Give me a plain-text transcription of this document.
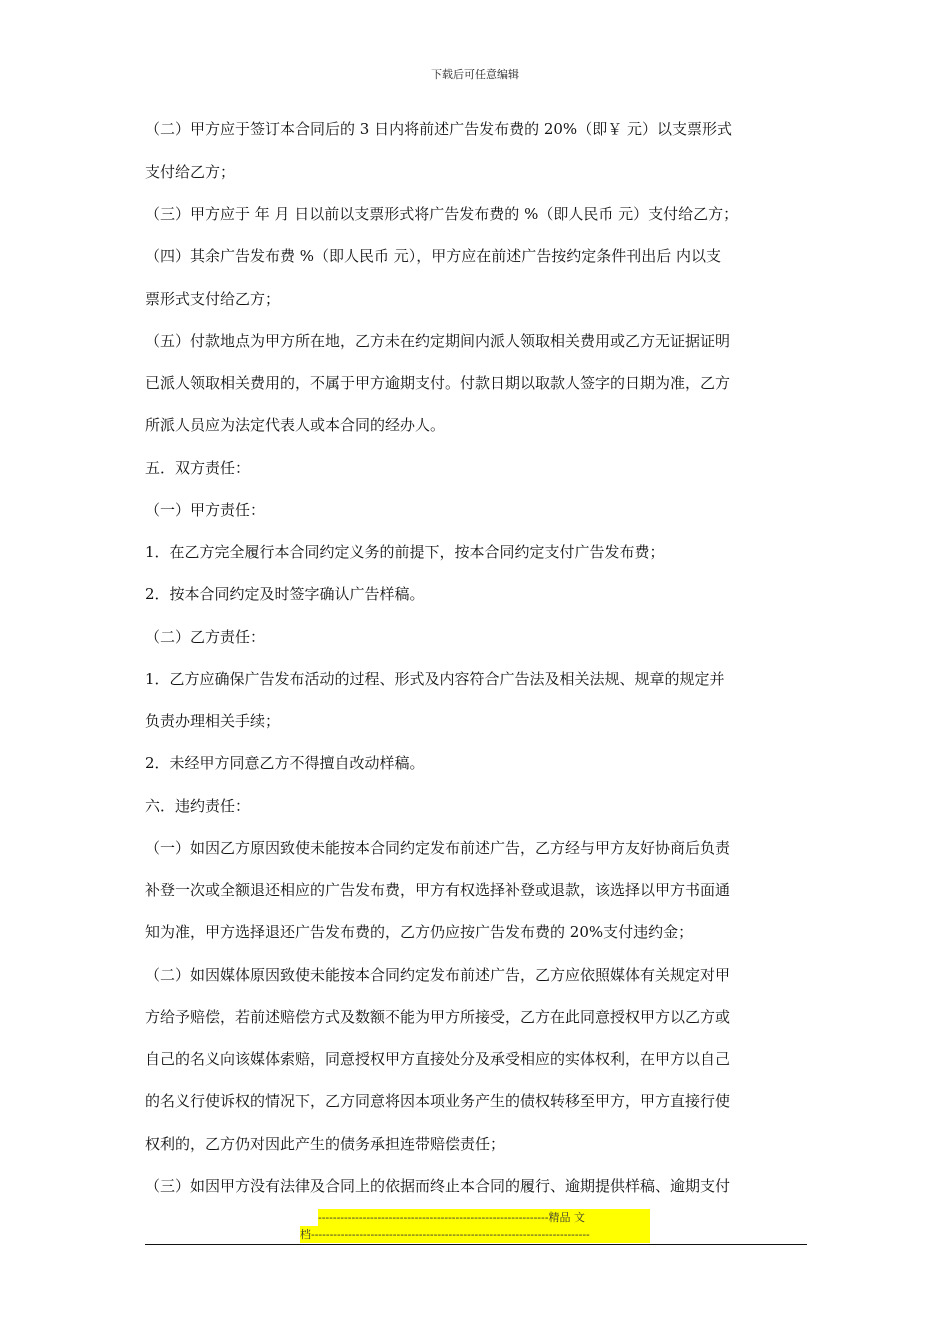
下载后可任意编辑
（二）甲方应于签订本合同后的 3 日内将前述广告发布费的 20%（即￥ 元）以支票形式
支付给乙方；
（三）甲方应于 年 月 日以前以支票形式将广告发布费的 %（即人民币 元）支付给乙方；
（四）其余广告发布费 %（即人民币 元），甲方应在前述广告按约定条件刊出后 内以支
票形式支付给乙方；
（五）付款地点为甲方所在地，乙方未在约定期间内派人领取相关费用或乙方无证据证明
已派人领取相关费用的，不属于甲方逾期支付。付款日期以取款人签字的日期为准，乙方
所派人员应为法定代表人或本合同的经办人。
五．双方责任：
（一）甲方责任：
1．在乙方完全履行本合同约定义务的前提下，按本合同约定支付广告发布费；
2．按本合同约定及时签字确认广告样稿。
（二）乙方责任：
1．乙方应确保广告发布活动的过程、形式及内容符合广告法及相关法规、规章的规定并
负责办理相关手续；
2．未经甲方同意乙方不得擅自改动样稿。
六．违约责任：
（一）如因乙方原因致使未能按本合同约定发布前述广告，乙方经与甲方友好协商后负责
补登一次或全额退还相应的广告发布费，甲方有权选择补登或退款，该选择以甲方书面通
知为准，甲方选择退还广告发布费的，乙方仍应按广告发布费的 20%支付违约金；
（二）如因媒体原因致使未能按本合同约定发布前述广告，乙方应依照媒体有关规定对甲
方给予赔偿，若前述赔偿方式及数额不能为甲方所接受，乙方在此同意授权甲方以乙方或
自己的名义向该媒体索赔，同意授权甲方直接处分及承受相应的实体权利，在甲方以自己
的名义行使诉权的情况下，乙方同意将因本项业务产生的债权转移至甲方，甲方直接行使
权利的，乙方仍对因此产生的债务承担连带赔偿责任；
（三）如因甲方没有法律及合同上的依据而终止本合同的履行、逾期提供样稿、逾期支付
--------------------------------------------------------------精品 文
档---------------------------------------------------------------------------
